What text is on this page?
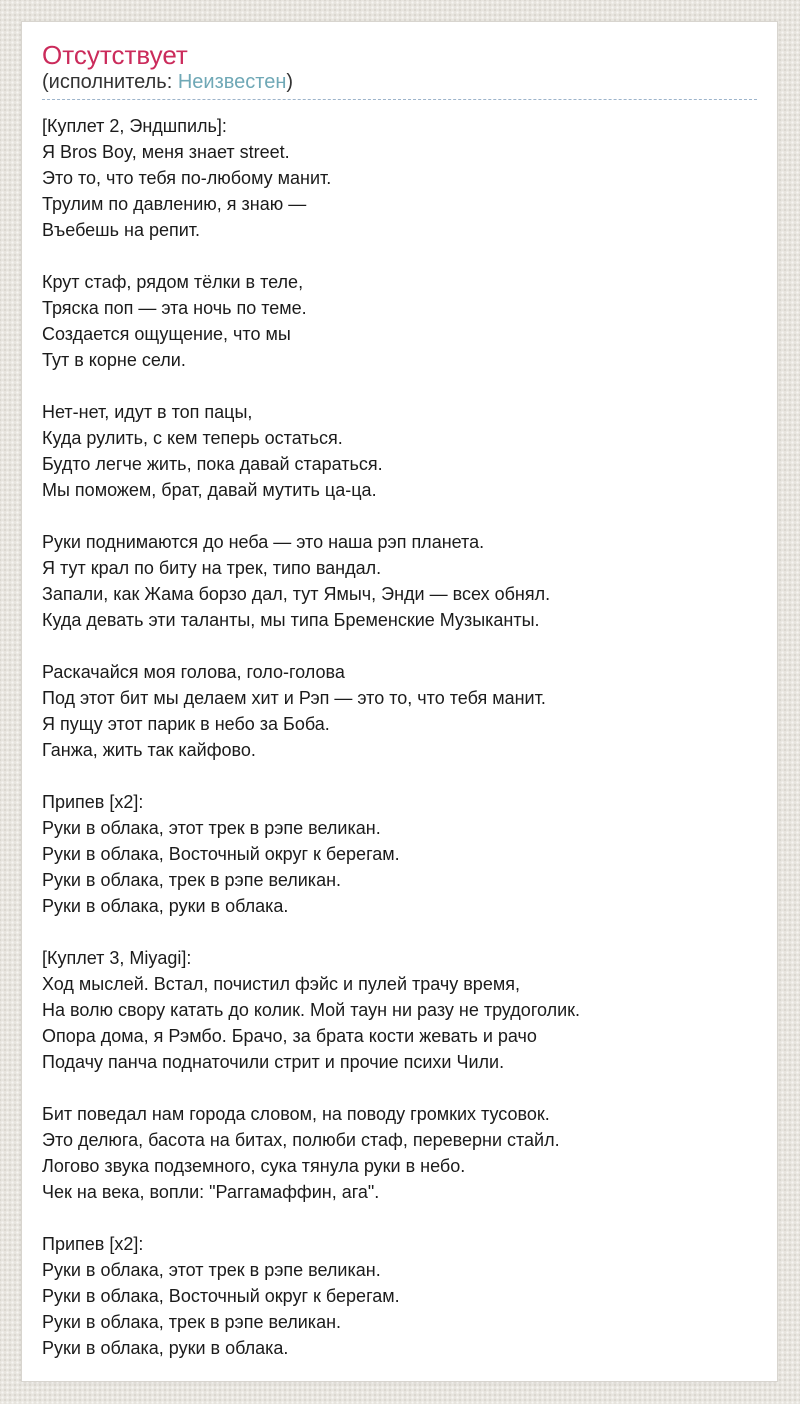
Отсутствует
(исполнитель: Неизвестен)

[Куплет 2, Эндшпиль]:
Я Bros Boy, меня знает street.
Это то, что тебя по-любому манит.
Трулим по давлению, я знаю —
Въебешь на репит.

Крут стаф, рядом тёлки в теле,
Тряска поп — эта ночь по теме.
Создается ощущение, что мы
Тут в корне сели.

Нет-нет, идут в топ пацы,
Куда рулить, с кем теперь остаться.
Будто легче жить, пока давай стараться.
Мы поможем, брат, давай мутить ца-ца.

Руки поднимаются до неба — это наша рэп планета.
Я тут крал по биту на трек, типо вандал.
Запали, как Жама борзо дал, тут Ямыч, Энди — всех обнял.
Куда девать эти таланты, мы типа Бременские Музыканты.

Раскачайся моя голова, голо-голова
Под этот бит мы делаем хит и Рэп — это то, что тебя манит.
Я пущу этот парик в небо за Боба.
Ганжа, жить так кайфово.

Припев [x2]:
Руки в облака, этот трек в рэпе великан.
Руки в облака, Восточный округ к берегам.
Руки в облака, трек в рэпе великан.
Руки в облака, руки в облака.

[Куплет 3, Miyagi]:
Ход мыслей. Встал, почистил фэйс и пулей трачу время,
На волю свору катать до колик. Мой таун ни разу не трудоголик.
Опора дома, я Рэмбо. Брачо, за брата кости жевать и рачо
Подачу панча поднаточили стрит и прочие психи Чили.

Бит поведал нам города словом, на поводу громких тусовок.
Это делюга, басота на битах, полюби стаф, переверни стайл.
Логово звука подземного, сука тянула руки в небо.
Чек на века, вопли: "Раггамаффин, ага".

Припев [x2]:
Руки в облака, этот трек в рэпе великан.
Руки в облака, Восточный округ к берегам.
Руки в облака, трек в рэпе великан.
Руки в облака, руки в облака.
